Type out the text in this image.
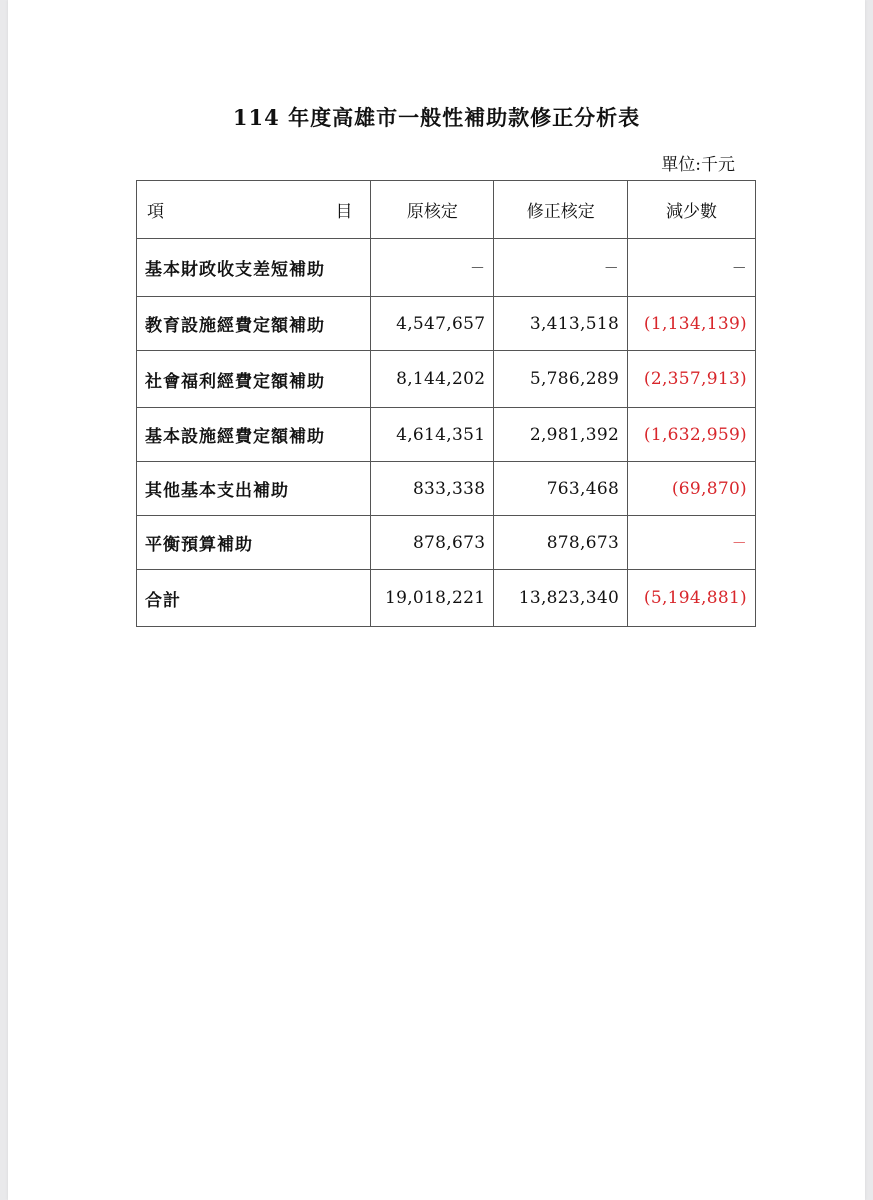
114 年度高雄市一般性補助款修正分析表
單位:千元
項 目	原核定	修正核定	減少數
基本財政收支差短補助	－	－	－
教育設施經費定額補助	4,547,657	3,413,518	(1,134,139)
社會福利經費定額補助	8,144,202	5,786,289	(2,357,913)
基本設施經費定額補助	4,614,351	2,981,392	(1,632,959)
其他基本支出補助	833,338	763,468	(69,870)
平衡預算補助	878,673	878,673	－
合計	19,018,221	13,823,340	(5,194,881)
